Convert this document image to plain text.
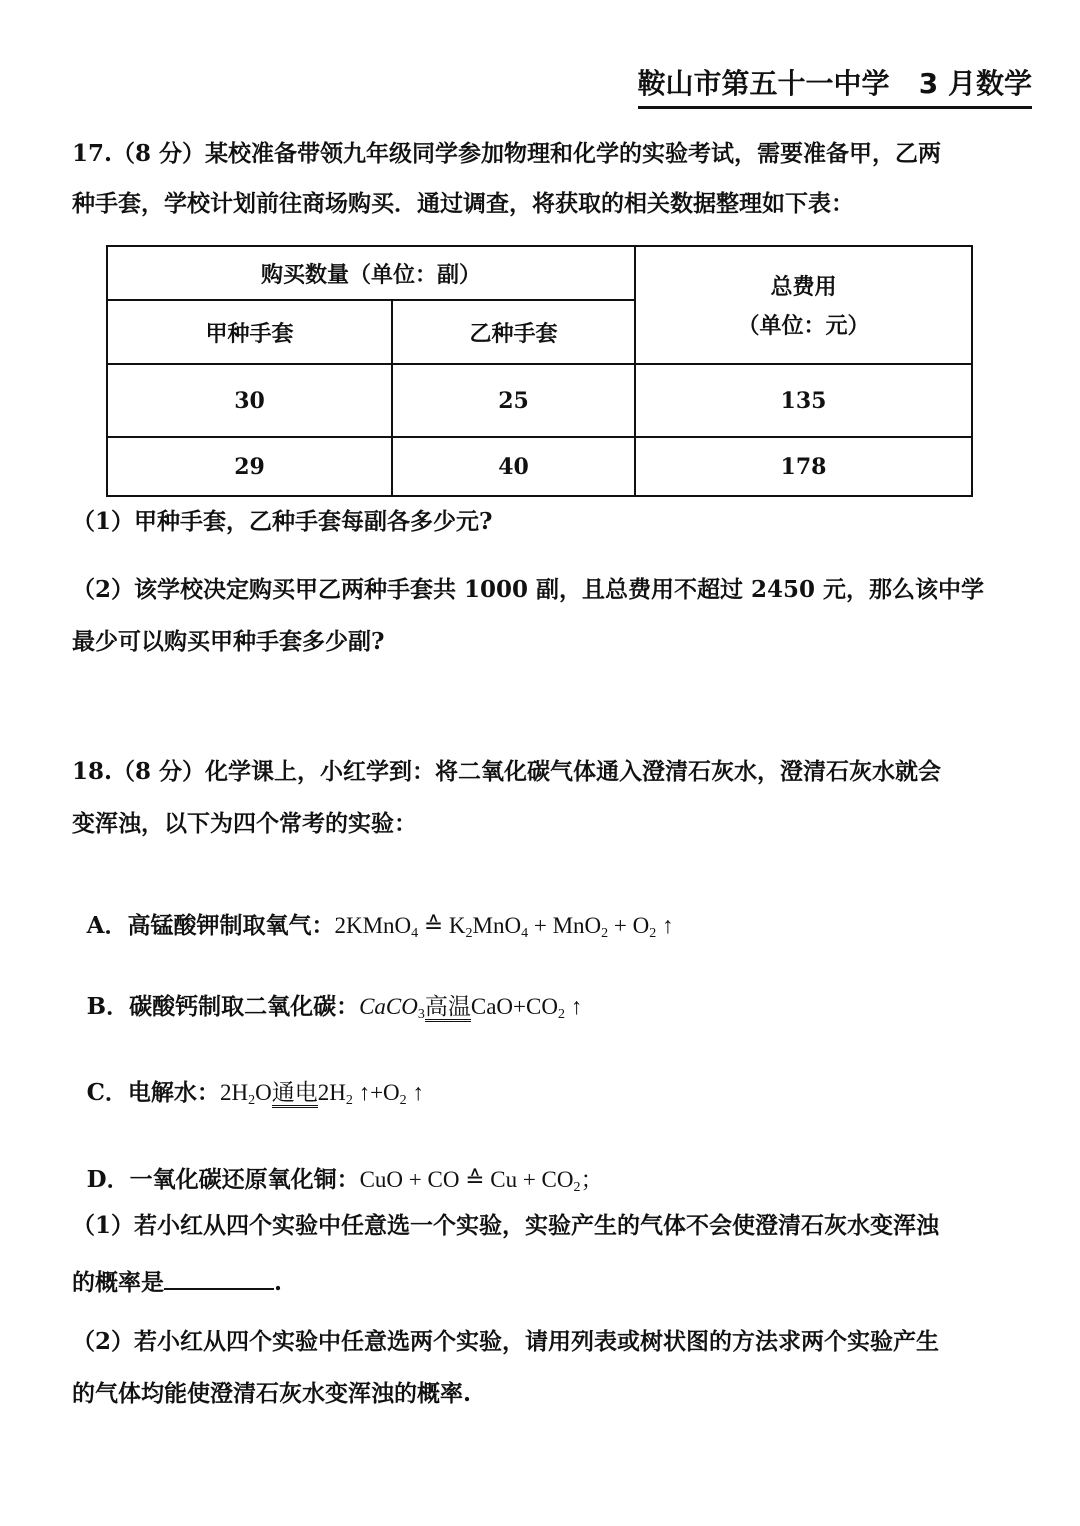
鞍山市第五十一中学   3 月数学
17.（8 分）某校准备带领九年级同学参加物理和化学的实验考试，需要准备甲，乙两
种手套，学校计划前往商场购买．通过调查，将获取的相关数据整理如下表：
购买数量（单位：副）		总费用
（单位：元）

甲种手套	乙种手套	
30	25	135
29	40	178
（1）甲种手套，乙种手套每副各多少元?
（2）该学校决定购买甲乙两种手套共 1000 副，且总费用不超过 2450 元，那么该中学
最少可以购买甲种手套多少副?
18.（8 分）化学课上，小红学到：将二氧化碳气体通入澄清石灰水，澄清石灰水就会
变浑浊，以下为四个常考的实验：

A．高锰酸钾制取氧气：2KMnO$_4$ ≙ $K_2MnO_4 + MnO_2 + O_2$ ↑

B．碳酸钙制取二氧化碳：CaCO$_3$高温$CaO+CO_2$ ↑

C．电解水：$2H_2O$通电$2H_2$ $↑+O_2$ ↑

D．一氧化碳还原氧化铜：CuO + CO ≙ $Cu + CO_2$；

（1）若小红从四个实验中任意选一个实验，实验产生的气体不会使澄清石灰水变浑浊
的概率是	.
（2）若小红从四个实验中任意选两个实验，请用列表或树状图的方法求两个实验产生
的气体均能使澄清石灰水变浑浊的概率.
